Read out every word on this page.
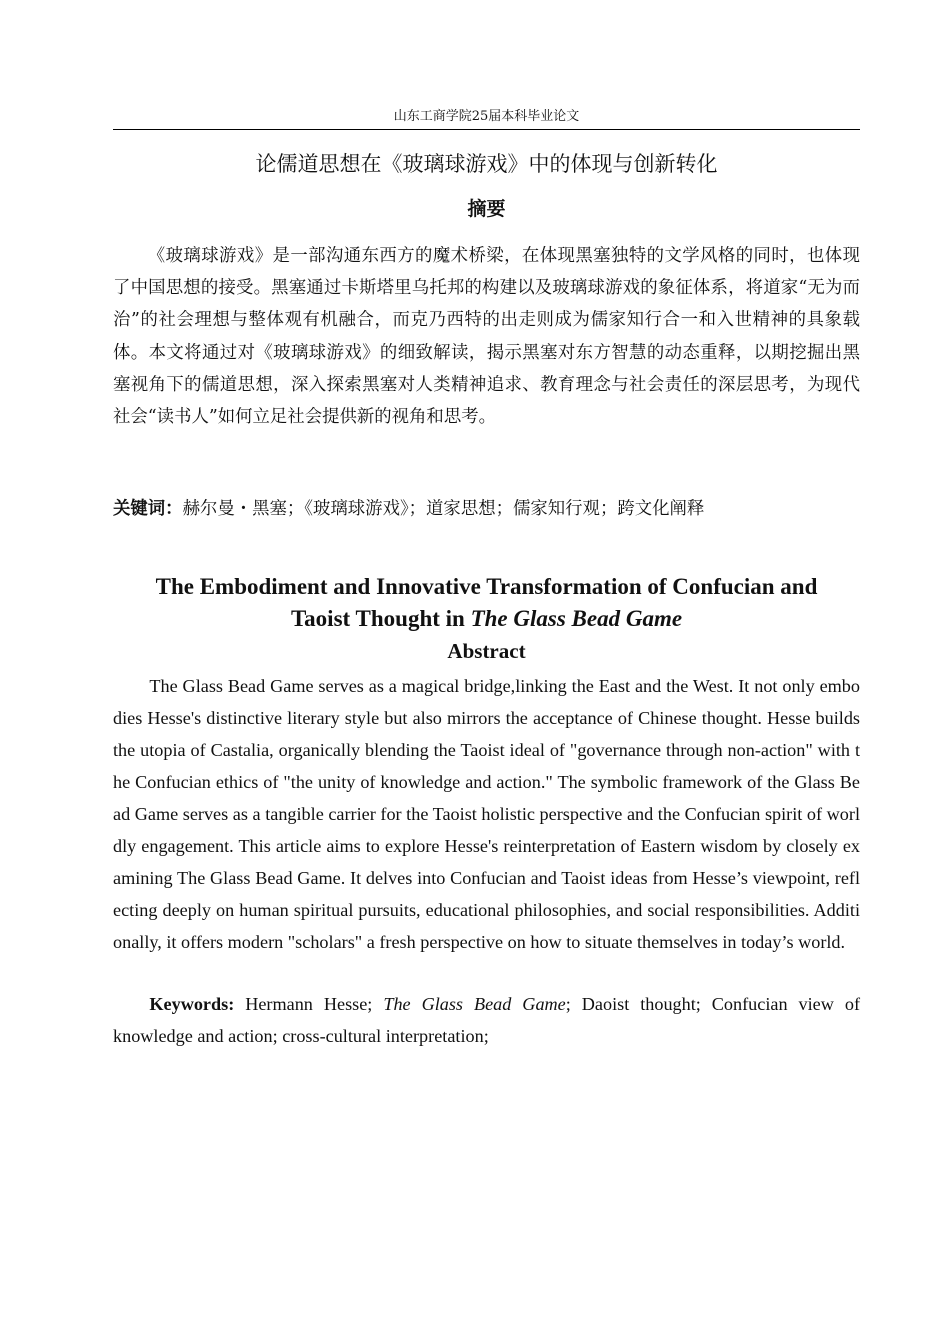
山东工商学院25届本科毕业论文
论儒道思想在《玻璃球游戏》中的体现与创新转化
摘要

《玻璃球游戏》是一部沟通东西方的魔术桥梁，在体现黑塞独特的文学风格的同时，也体现了中国思想的接受。黑塞通过卡斯塔里乌托邦的构建以及玻璃球游戏的象征体系，将道家“无为而治”的社会理想与整体观有机融合，而克乃西特的出走则成为儒家知行合一和入世精神的具象载体。本文将通过对《玻璃球游戏》的细致解读，揭示黑塞对东方智慧的动态重释，以期挖掘出黑塞视角下的儒道思想，深入探索黑塞对人类精神追求、教育理念与社会责任的深层思考，为现代社会“读书人”如何立足社会提供新的视角和思考。

关键词：赫尔曼・黑塞；《玻璃球游戏》；道家思想；儒家知行观；跨文化阐释

The Embodiment and Innovative Transformation of Confucian and
Taoist Thought in The Glass Bead Game
Abstract

The Glass Bead Game serves as a magical bridge,linking the East and the West. It not only embodies Hesse's distinctive literary style but also mirrors the acceptance of Chinese thought. Hesse builds the utopia of Castalia, organically blending the Taoist ideal of "governance through non-action" with the Confucian ethics of "the unity of knowledge and action." The symbolic framework of the Glass Bead Game serves as a tangible carrier for the Taoist holistic perspective and the Confucian spirit of worldly engagement. This article aims to explore Hesse's reinterpretation of Eastern wisdom by closely examining The Glass Bead Game. It delves into Confucian and Taoist ideas from Hesse’s viewpoint, reflecting deeply on human spiritual pursuits, educational philosophies, and social responsibilities. Additionally, it offers modern "scholars" a fresh perspective on how to situate themselves in today’s world.

Keywords: Hermann Hesse; The Glass Bead Game; Daoist thought; Confucian view of knowledge and action; cross-cultural interpretation;
